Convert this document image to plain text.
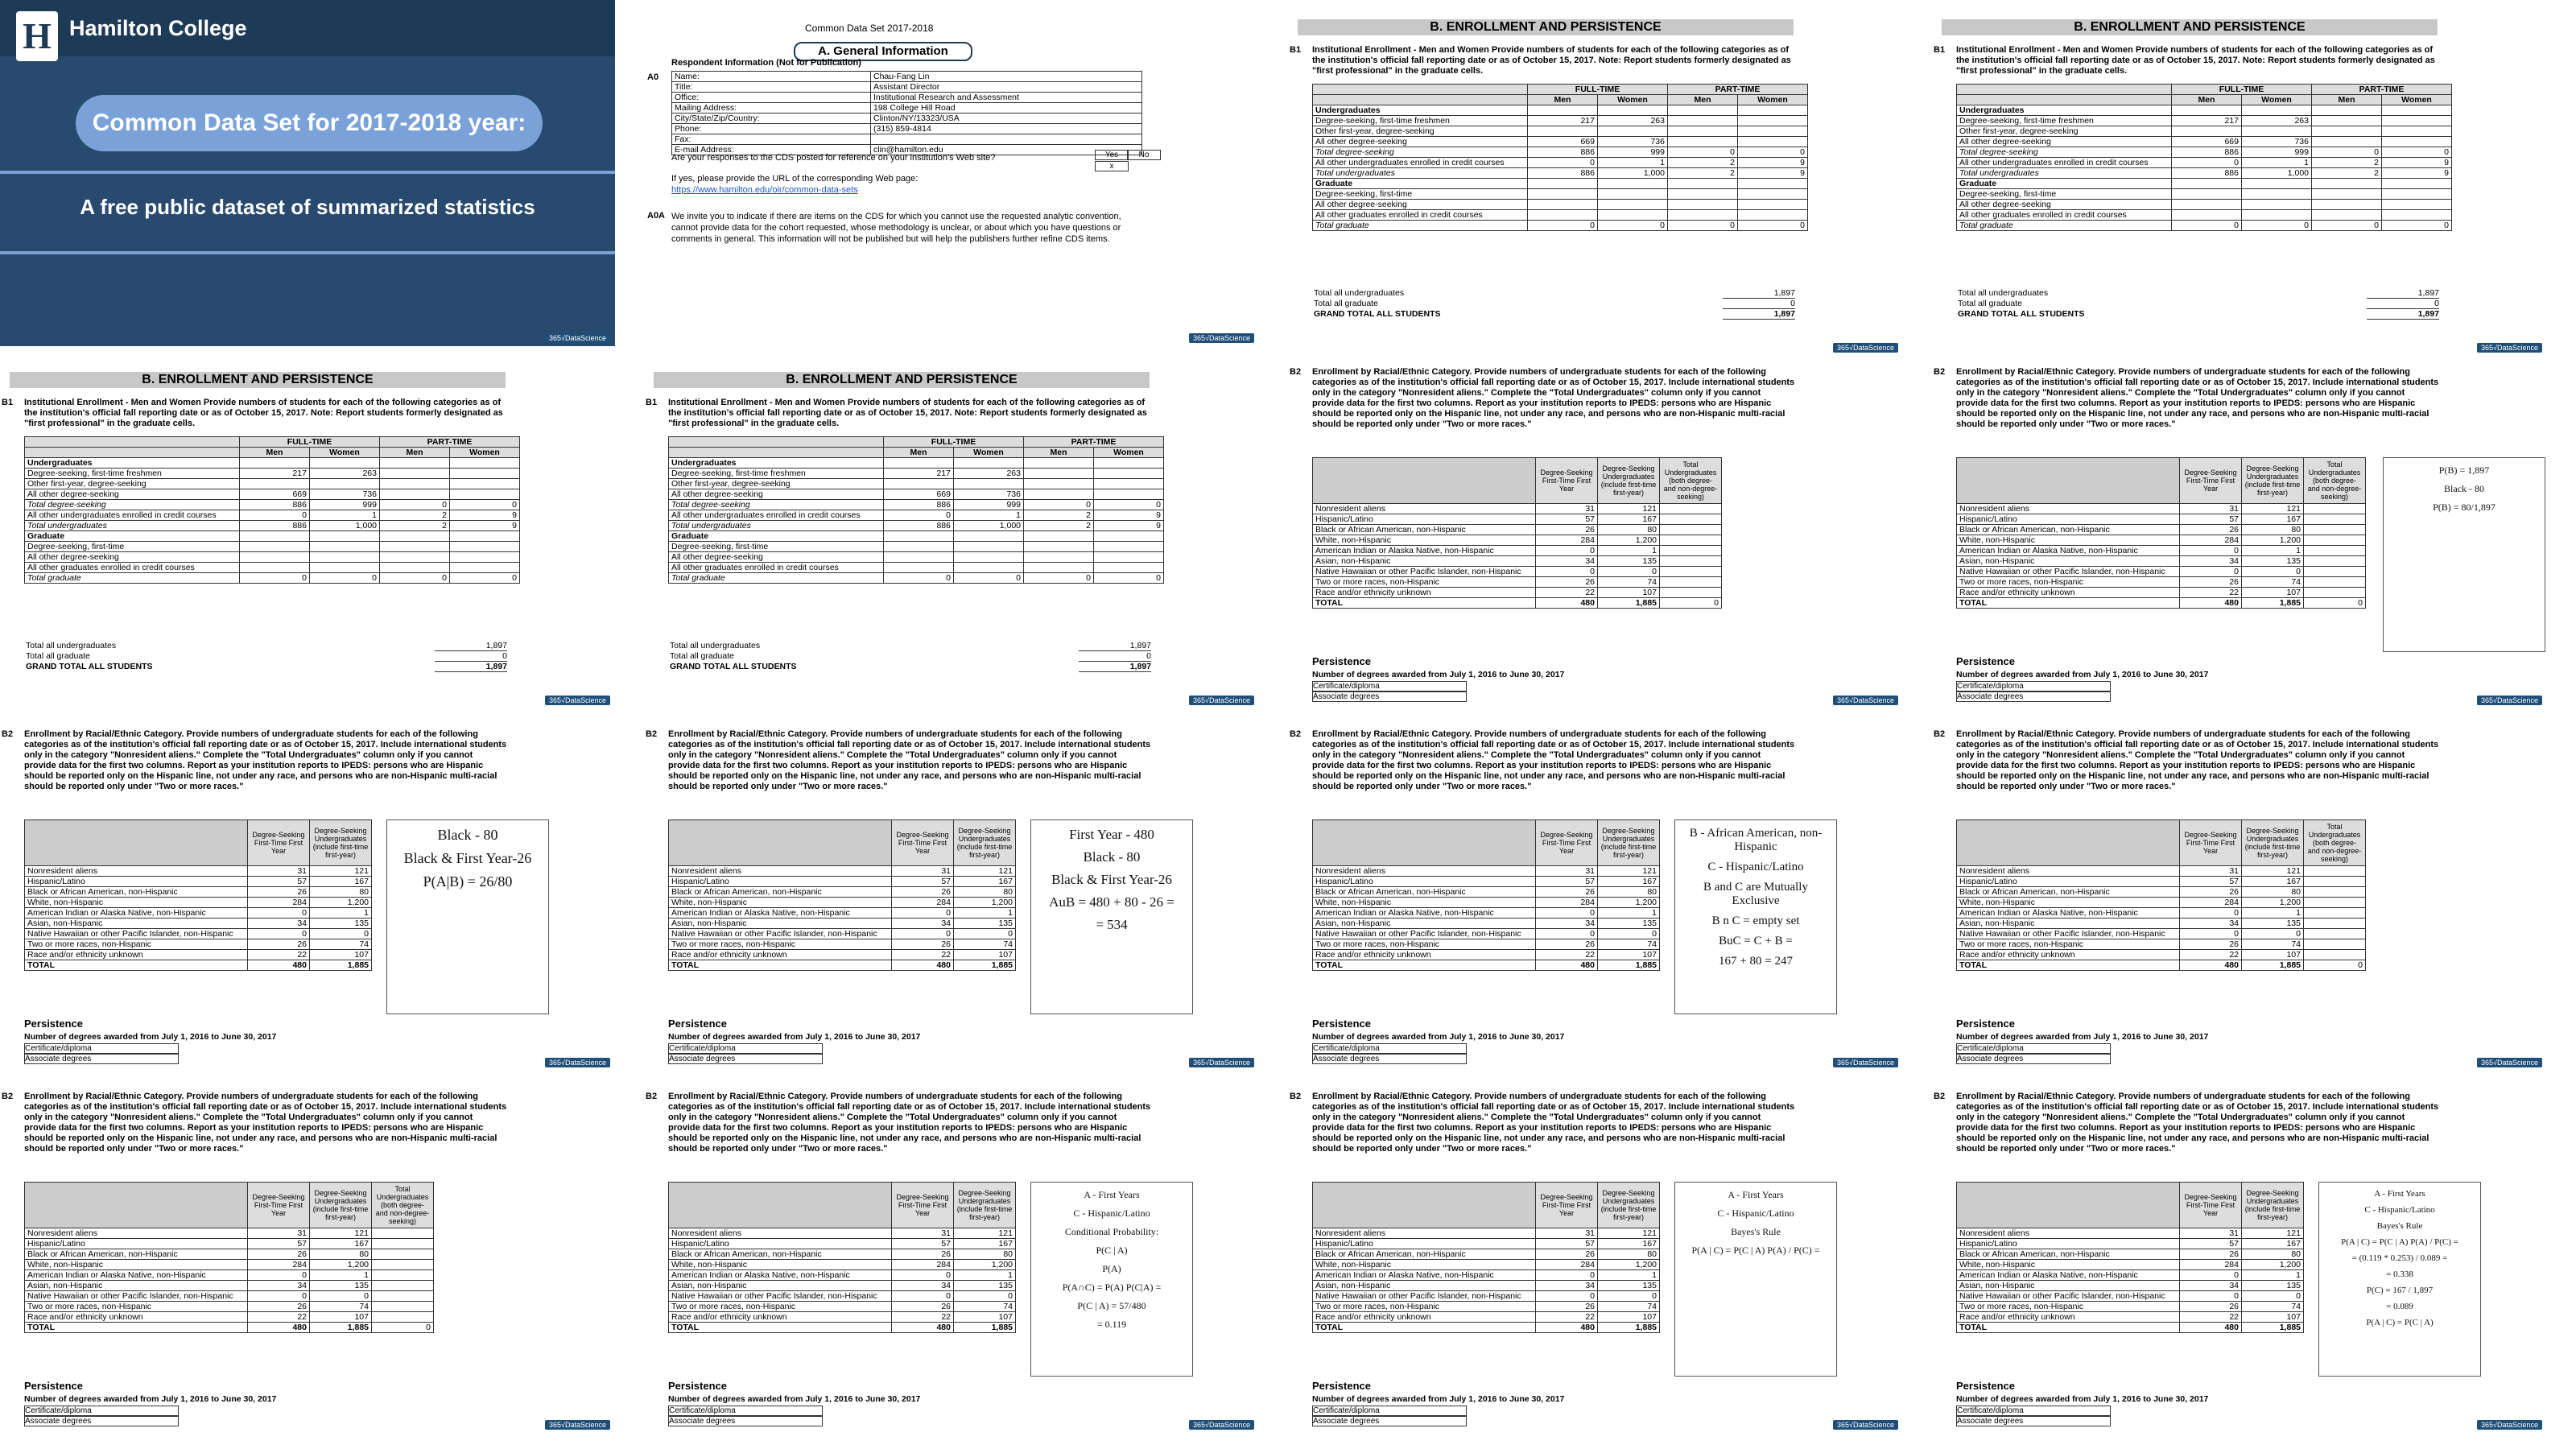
H Hamilton College
Common Data Set for 2017-2018 year:
A free public dataset of summarized statistics
365√DataScience
Common Data Set 2017-2018
A. General Information
A0
Respondent Information (Not for Publication)
Name:	Chau-Fang Lin
Title:	Assistant Director
Office:	Institutional Research and Assessment
Mailing Address:	198 College Hill Road
City/State/Zip/Country:	Clinton/NY/13323/USA
Phone:	(315) 859-4814
Fax:	
E-mail Address:	clin@hamilton.edu
Are your responses to the CDS posted for reference on your institution's Web site?	Yes	No
x
If yes, please provide the URL of the corresponding Web page:
https://www.hamilton.edu/oir/common-data-sets
A0A We invite you to indicate if there are items on the CDS for which you cannot use the requested analytic convention, cannot provide data for the cohort requested, whose methodology is unclear, or about which you have questions or comments in general. This information will not be published but will help the publishers further refine CDS items.
365√DataScience
B. ENROLLMENT AND PERSISTENCE
B1 Institutional Enrollment - Men and Women Provide numbers of students for each of the following categories as of the institution's official fall reporting date or as of October 15, 2017. Note: Report students formerly designated as "first professional" in the graduate cells.
	FULL-TIME		PART-TIME	
	Men	Women	Men	Women
Undergraduates				
Degree-seeking, first-time freshmen	217	263		
Other first-year, degree-seeking				
All other degree-seeking	669	736		
Total degree-seeking	886	999	0	0
All other undergraduates enrolled in credit courses	0	1	2	9
Total undergraduates	886	1,000	2	9
Graduate				
Degree-seeking, first-time				
All other degree-seeking				
All other graduates enrolled in credit courses				
Total graduate	0	0	0	0
Total all undergraduates	1,897
Total all graduate	0
GRAND TOTAL ALL STUDENTS	1,897
365√DataScience
B. ENROLLMENT AND PERSISTENCE
B1 Institutional Enrollment - Men and Women Provide numbers of students for each of the following categories as of the institution's official fall reporting date or as of October 15, 2017. Note: Report students formerly designated as "first professional" in the graduate cells.
	FULL-TIME		PART-TIME	
	Men	Women	Men	Women
Undergraduates				
Degree-seeking, first-time freshmen	217	263		
Other first-year, degree-seeking				
All other degree-seeking	669	736		
Total degree-seeking	886	999	0	0
All other undergraduates enrolled in credit courses	0	1	2	9
Total undergraduates	886	1,000	2	9
Graduate				
Degree-seeking, first-time				
All other degree-seeking				
All other graduates enrolled in credit courses				
Total graduate	0	0	0	0
Total all undergraduates	1,897
Total all graduate	0
GRAND TOTAL ALL STUDENTS	1,897
365√DataScience
B2 Enrollment by Racial/Ethnic Category. Provide numbers of undergraduate students for each of the following categories as of the institution's official fall reporting date or as of October 15, 2017. Include international students only in the category "Nonresident aliens." Complete the "Total Undergraduates" column only if you cannot provide data for the first two columns. Report as your institution reports to IPEDS: persons who are Hispanic should be reported only on the Hispanic line, not under any race, and persons who are non-Hispanic multi-racial should be reported only under "Two or more races."
	Degree-Seeking First-Time First Year	Degree-Seeking Undergraduates (include first-time first-year)	Total Undergraduates (both degree- and non-degree-seeking)
Nonresident aliens	31	121	
Hispanic/Latino	57	167	
Black or African American, non-Hispanic	26	80	
White, non-Hispanic	284	1,200	
American Indian or Alaska Native, non-Hispanic	0	1	
Asian, non-Hispanic	34	135	
Native Hawaiian or other Pacific Islander, non-Hispanic	0	0	
Two or more races, non-Hispanic	26	74	
Race and/or ethnicity unknown	22	107	
TOTAL	480	1,885	0
Persistence
Number of degrees awarded from July 1, 2016 to June 30, 2017
Certificate/diploma
Associate degrees	365√DataScience
B2 Enrollment by Racial/Ethnic Category. Provide numbers of undergraduate students for each of the following categories as of the institution's official fall reporting date or as of October 15, 2017. Include international students only in the category "Nonresident aliens." Complete the "Total Undergraduates" column only if you cannot provide data for the first two columns. Report as your institution reports to IPEDS: persons who are Hispanic should be reported only on the Hispanic line, not under any race, and persons who are non-Hispanic multi-racial should be reported only under "Two or more races."
	Degree-Seeking First-Time First Year	Degree-Seeking Undergraduates (include first-time first-year)	Total Undergraduates (both degree- and non-degree-seeking)
Nonresident aliens	31	121	
Hispanic/Latino	57	167	
Black or African American, non-Hispanic	26	80	
White, non-Hispanic	284	1,200	
American Indian or Alaska Native, non-Hispanic	0	1	
Asian, non-Hispanic	34	135	
Native Hawaiian or other Pacific Islander, non-Hispanic	0	0	
Two or more races, non-Hispanic	26	74	
Race and/or ethnicity unknown	22	107	
TOTAL	480	1,885	0
Persistence
Number of degrees awarded from July 1, 2016 to June 30, 2017
Certificate/diploma
Associate degrees
P(B) = 1,897
Black - 80
P(B) = 80/1,897
365√DataScience
B. ENROLLMENT AND PERSISTENCE
B1 Institutional Enrollment - Men and Women Provide numbers of students for each of the following categories as of the institution's official fall reporting date or as of October 15, 2017. Note: Report students formerly designated as "first professional" in the graduate cells.
	FULL-TIME		PART-TIME	
	Men	Women	Men	Women
Undergraduates				
Degree-seeking, first-time freshmen	217	263		
Other first-year, degree-seeking				
All other degree-seeking	669	736		
Total degree-seeking	886	999	0	0
All other undergraduates enrolled in credit courses	0	1	2	9
Total undergraduates	886	1,000	2	9
Graduate				
Degree-seeking, first-time				
All other degree-seeking				
All other graduates enrolled in credit courses				
Total graduate	0	0	0	0
Total all undergraduates	1,897
Total all graduate	0
GRAND TOTAL ALL STUDENTS	1,897
365√DataScience
B. ENROLLMENT AND PERSISTENCE
B1 Institutional Enrollment - Men and Women Provide numbers of students for each of the following categories as of the institution's official fall reporting date or as of October 15, 2017. Note: Report students formerly designated as "first professional" in the graduate cells.
	FULL-TIME		PART-TIME	
	Men	Women	Men	Women
Undergraduates				
Degree-seeking, first-time freshmen	217	263		
Other first-year, degree-seeking				
All other degree-seeking	669	736		
Total degree-seeking	886	999	0	0
All other undergraduates enrolled in credit courses	0	1	2	9
Total undergraduates	886	1,000	2	9
Graduate				
Degree-seeking, first-time				
All other degree-seeking				
All other graduates enrolled in credit courses				
Total graduate	0	0	0	0
Total all undergraduates	1,897
Total all graduate	0
GRAND TOTAL ALL STUDENTS	1,897
365√DataScience
B2 Enrollment by Racial/Ethnic Category. Provide numbers of undergraduate students for each of the following categories as of the institution's official fall reporting date or as of October 15, 2017. Include international students only in the category "Nonresident aliens." Complete the "Total Undergraduates" column only if you cannot provide data for the first two columns. Report as your institution reports to IPEDS: persons who are Hispanic should be reported only on the Hispanic line, not under any race, and persons who are non-Hispanic multi-racial should be reported only under "Two or more races."
	Degree-Seeking First-Time First Year	Degree-Seeking Undergraduates (include first-time first-year)
Nonresident aliens	31	121
Hispanic/Latino	57	167
Black or African American, non-Hispanic	26	80
White, non-Hispanic	284	1,200
American Indian or Alaska Native, non-Hispanic	0	1
Asian, non-Hispanic	34	135
Native Hawaiian or other Pacific Islander, non-Hispanic	0	0
Two or more races, non-Hispanic	26	74
Race and/or ethnicity unknown	22	107
TOTAL	480	1,885
Persistence
Number of degrees awarded from July 1, 2016 to June 30, 2017
Certificate/diploma
Associate degrees
Black - 80
Black & First Year-26
P(A|B) = 26/80
365√DataScience
B2 Enrollment by Racial/Ethnic Category. Provide numbers of undergraduate students for each of the following categories as of the institution's official fall reporting date or as of October 15, 2017. Include international students only in the category "Nonresident aliens." Complete the "Total Undergraduates" column only if you cannot provide data for the first two columns. Report as your institution reports to IPEDS: persons who are Hispanic should be reported only on the Hispanic line, not under any race, and persons who are non-Hispanic multi-racial should be reported only under "Two or more races."
	Degree-Seeking First-Time First Year	Degree-Seeking Undergraduates (include first-time first-year)
Nonresident aliens	31	121
Hispanic/Latino	57	167
Black or African American, non-Hispanic	26	80
White, non-Hispanic	284	1,200
American Indian or Alaska Native, non-Hispanic	0	1
Asian, non-Hispanic	34	135
Native Hawaiian or other Pacific Islander, non-Hispanic	0	0
Two or more races, non-Hispanic	26	74
Race and/or ethnicity unknown	22	107
TOTAL	480	1,885
Persistence
Number of degrees awarded from July 1, 2016 to June 30, 2017
Certificate/diploma
Associate degrees
First Year - 480
Black - 80
Black & First Year-26
AuB = 480 + 80 - 26 =
= 534
365√DataScience
B2 Enrollment by Racial/Ethnic Category. Provide numbers of undergraduate students for each of the following categories as of the institution's official fall reporting date or as of October 15, 2017. Include international students only in the category "Nonresident aliens." Complete the "Total Undergraduates" column only if you cannot provide data for the first two columns. Report as your institution reports to IPEDS: persons who are Hispanic should be reported only on the Hispanic line, not under any race, and persons who are non-Hispanic multi-racial should be reported only under "Two or more races."
	Degree-Seeking First-Time First Year	Degree-Seeking Undergraduates (include first-time first-year)
Nonresident aliens	31	121
Hispanic/Latino	57	167
Black or African American, non-Hispanic	26	80
White, non-Hispanic	284	1,200
American Indian or Alaska Native, non-Hispanic	0	1
Asian, non-Hispanic	34	135
Native Hawaiian or other Pacific Islander, non-Hispanic	0	0
Two or more races, non-Hispanic	26	74
Race and/or ethnicity unknown	22	107
TOTAL	480	1,885
Persistence
Number of degrees awarded from July 1, 2016 to June 30, 2017
Certificate/diploma
Associate degrees
B - African American, non-Hispanic
C - Hispanic/Latino
B and C are Mutually Exclusive
B n C = empty set
BuC = C + B =
167 + 80 = 247
365√DataScience
B2 Enrollment by Racial/Ethnic Category. Provide numbers of undergraduate students for each of the following categories as of the institution's official fall reporting date or as of October 15, 2017. Include international students only in the category "Nonresident aliens." Complete the "Total Undergraduates" column only if you cannot provide data for the first two columns. Report as your institution reports to IPEDS: persons who are Hispanic should be reported only on the Hispanic line, not under any race, and persons who are non-Hispanic multi-racial should be reported only under "Two or more races."
	Degree-Seeking First-Time First Year	Degree-Seeking Undergraduates (include first-time first-year)	Total Undergraduates (both degree- and non-degree-seeking)
Nonresident aliens	31	121	
Hispanic/Latino	57	167	
Black or African American, non-Hispanic	26	80	
White, non-Hispanic	284	1,200	
American Indian or Alaska Native, non-Hispanic	0	1	
Asian, non-Hispanic	34	135	
Native Hawaiian or other Pacific Islander, non-Hispanic	0	0	
Two or more races, non-Hispanic	26	74	
Race and/or ethnicity unknown	22	107	
TOTAL	480	1,885	0
Persistence
Number of degrees awarded from July 1, 2016 to June 30, 2017
Certificate/diploma
Associate degrees	365√DataScience
B2 Enrollment by Racial/Ethnic Category. Provide numbers of undergraduate students for each of the following categories as of the institution's official fall reporting date or as of October 15, 2017. Include international students only in the category "Nonresident aliens." Complete the "Total Undergraduates" column only if you cannot provide data for the first two columns. Report as your institution reports to IPEDS: persons who are Hispanic should be reported only on the Hispanic line, not under any race, and persons who are non-Hispanic multi-racial should be reported only under "Two or more races."
	Degree-Seeking First-Time First Year	Degree-Seeking Undergraduates (include first-time first-year)	Total Undergraduates (both degree- and non-degree-seeking)
Nonresident aliens	31	121	
Hispanic/Latino	57	167	
Black or African American, non-Hispanic	26	80	
White, non-Hispanic	284	1,200	
American Indian or Alaska Native, non-Hispanic	0	1	
Asian, non-Hispanic	34	135	
Native Hawaiian or other Pacific Islander, non-Hispanic	0	0	
Two or more races, non-Hispanic	26	74	
Race and/or ethnicity unknown	22	107	
TOTAL	480	1,885	0
Persistence
Number of degrees awarded from July 1, 2016 to June 30, 2017
Certificate/diploma
Associate degrees	365√DataScience
B2 Enrollment by Racial/Ethnic Category. Provide numbers of undergraduate students for each of the following categories as of the institution's official fall reporting date or as of October 15, 2017. Include international students only in the category "Nonresident aliens." Complete the "Total Undergraduates" column only if you cannot provide data for the first two columns. Report as your institution reports to IPEDS: persons who are Hispanic should be reported only on the Hispanic line, not under any race, and persons who are non-Hispanic multi-racial should be reported only under "Two or more races."
	Degree-Seeking First-Time First Year	Degree-Seeking Undergraduates (include first-time first-year)
Nonresident aliens	31	121
Hispanic/Latino	57	167
Black or African American, non-Hispanic	26	80
White, non-Hispanic	284	1,200
American Indian or Alaska Native, non-Hispanic	0	1
Asian, non-Hispanic	34	135
Native Hawaiian or other Pacific Islander, non-Hispanic	0	0
Two or more races, non-Hispanic	26	74
Race and/or ethnicity unknown	22	107
TOTAL	480	1,885
Persistence
Number of degrees awarded from July 1, 2016 to June 30, 2017
Certificate/diploma
Associate degrees
A - First Years
C - Hispanic/Latino
Conditional Probability:
P(C | A)
P(A)
P(A∩C) = P(A) P(C|A) =
P(C | A) = 57/480
= 0.119
365√DataScience
B2 Enrollment by Racial/Ethnic Category. Provide numbers of undergraduate students for each of the following categories as of the institution's official fall reporting date or as of October 15, 2017. Include international students only in the category "Nonresident aliens." Complete the "Total Undergraduates" column only if you cannot provide data for the first two columns. Report as your institution reports to IPEDS: persons who are Hispanic should be reported only on the Hispanic line, not under any race, and persons who are non-Hispanic multi-racial should be reported only under "Two or more races."
	Degree-Seeking First-Time First Year	Degree-Seeking Undergraduates (include first-time first-year)
Nonresident aliens	31	121
Hispanic/Latino	57	167
Black or African American, non-Hispanic	26	80
White, non-Hispanic	284	1,200
American Indian or Alaska Native, non-Hispanic	0	1
Asian, non-Hispanic	34	135
Native Hawaiian or other Pacific Islander, non-Hispanic	0	0
Two or more races, non-Hispanic	26	74
Race and/or ethnicity unknown	22	107
TOTAL	480	1,885
Persistence
Number of degrees awarded from July 1, 2016 to June 30, 2017
Certificate/diploma
Associate degrees
A - First Years
C - Hispanic/Latino
Bayes's Rule
P(A | C) = P(C | A) P(A) / P(C) =
365√DataScience
B2 Enrollment by Racial/Ethnic Category. Provide numbers of undergraduate students for each of the following categories as of the institution's official fall reporting date or as of October 15, 2017. Include international students only in the category "Nonresident aliens." Complete the "Total Undergraduates" column only if you cannot provide data for the first two columns. Report as your institution reports to IPEDS: persons who are Hispanic should be reported only on the Hispanic line, not under any race, and persons who are non-Hispanic multi-racial should be reported only under "Two or more races."
	Degree-Seeking First-Time First Year	Degree-Seeking Undergraduates (include first-time first-year)
Nonresident aliens	31	121
Hispanic/Latino	57	167
Black or African American, non-Hispanic	26	80
White, non-Hispanic	284	1,200
American Indian or Alaska Native, non-Hispanic	0	1
Asian, non-Hispanic	34	135
Native Hawaiian or other Pacific Islander, non-Hispanic	0	0
Two or more races, non-Hispanic	26	74
Race and/or ethnicity unknown	22	107
TOTAL	480	1,885
Persistence
Number of degrees awarded from July 1, 2016 to June 30, 2017
Certificate/diploma
Associate degrees
A - First Years
C - Hispanic/Latino
Bayes's Rule
P(A | C) = P(C | A) P(A) / P(C) =
= (0.119 * 0.253) / 0.089 =
= 0.338
P(C) = 167 / 1,897
= 0.089
P(A | C) = P(C | A)
365√DataScience
